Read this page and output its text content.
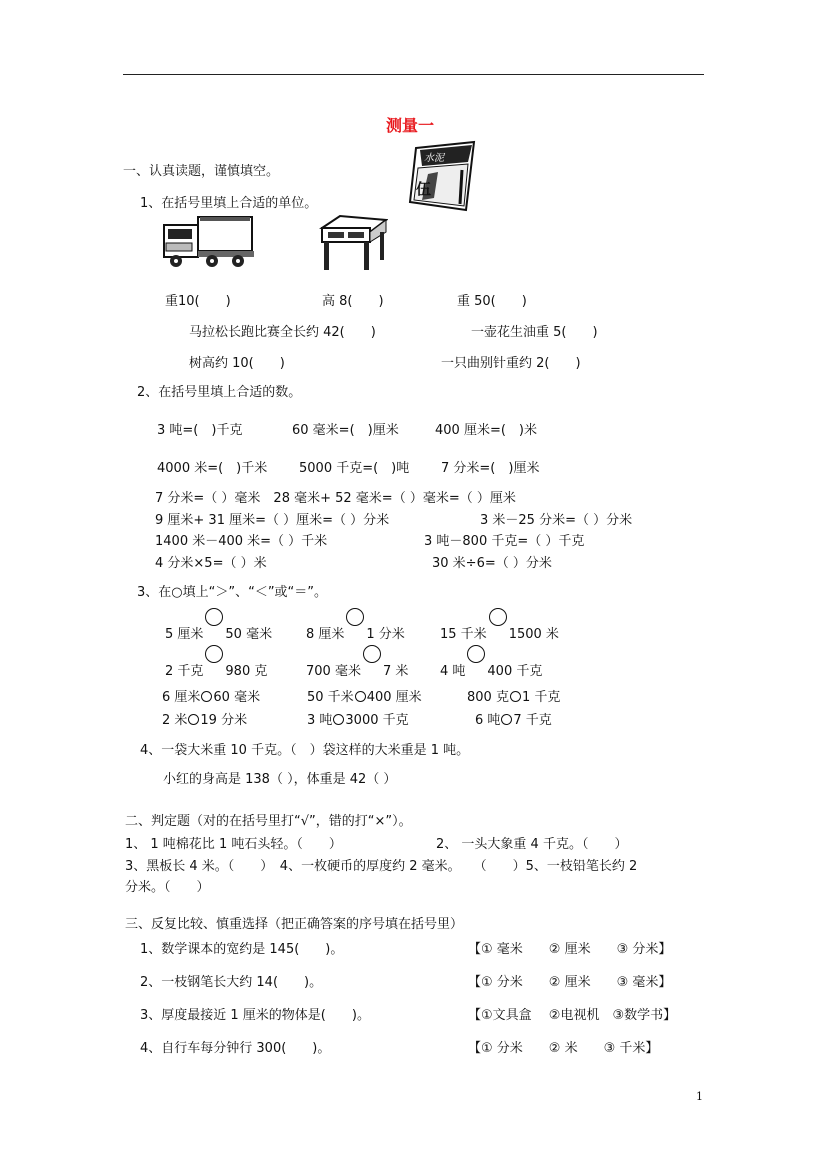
测量一
水泥
伍
一、认真读题，谨慎填空。
1、在括号里填上合适的单位。
重10(　　)	高 8(　　)	重 50(　　)
马拉松长跑比赛全长约 42(　　)	一壶花生油重 5(　　)
树高约 10(　　)	一只曲别针重约 2(　　)
2、在括号里填上合适的数。
3 吨=(　)千克	60 毫米=(　)厘米	400 厘米=(　)米
4000 米=(　)千米 5000 千克=(　)吨 7 分米=(　)厘米
7 分米=（ ）毫米　28 毫米+ 52 毫米=（ ）毫米=（ ）厘米
9 厘米+ 31 厘米=（ ）厘米=（ ）分米	3 米－25 分米=（ ）分米
1400 米－400 米=（ ）千米	3 吨－800 千克=（ ）千克
4 分米×5=（ ）米	30 米÷6=（ ）分米
3、在○填上“＞”、“＜”或“＝”。
5 厘米 50 毫米	8 厘米 1 分米	15 千米 1500 米
2 千克 980 克	700 毫米 7 米 4 吨 400 千克
6 厘米 60 毫米	50 千米 400 厘米	800 克 1 千克
2 米 19 分米	3 吨 3000 千克	6 吨 7 千克
4、一袋大米重 10 千克。（　）袋这样的大米重是 1 吨。
小红的身高是 138（ ），体重是 42（ ）
二、判定题（对的在括号里打“√”，错的打“×”）。
1、 1 吨棉花比 1 吨石头轻。（　　）	2、 一头大象重 4 千克。（　　）
3、黑板长 4 米。（　　）　4、一枚硬币的厚度约 2 毫米。　　（　　）5、一枝铅笔长约 2
分米。（　　）
三、反复比较、慎重选择（把正确答案的序号填在括号里）
1、数学课本的宽约是 145(　　)。	【① 毫米　　② 厘米　　③ 分米】
2、一枝钢笔长大约 14(　　)。	【① 分米　　② 厘米　　③ 毫米】
3、厚度最接近 1 厘米的物体是(　　)。	【①文具盒　 ②电视机　③数学书】
4、自行车每分钟行 300(　　)。	【① 分米　　② 米　　③ 千米】
1
